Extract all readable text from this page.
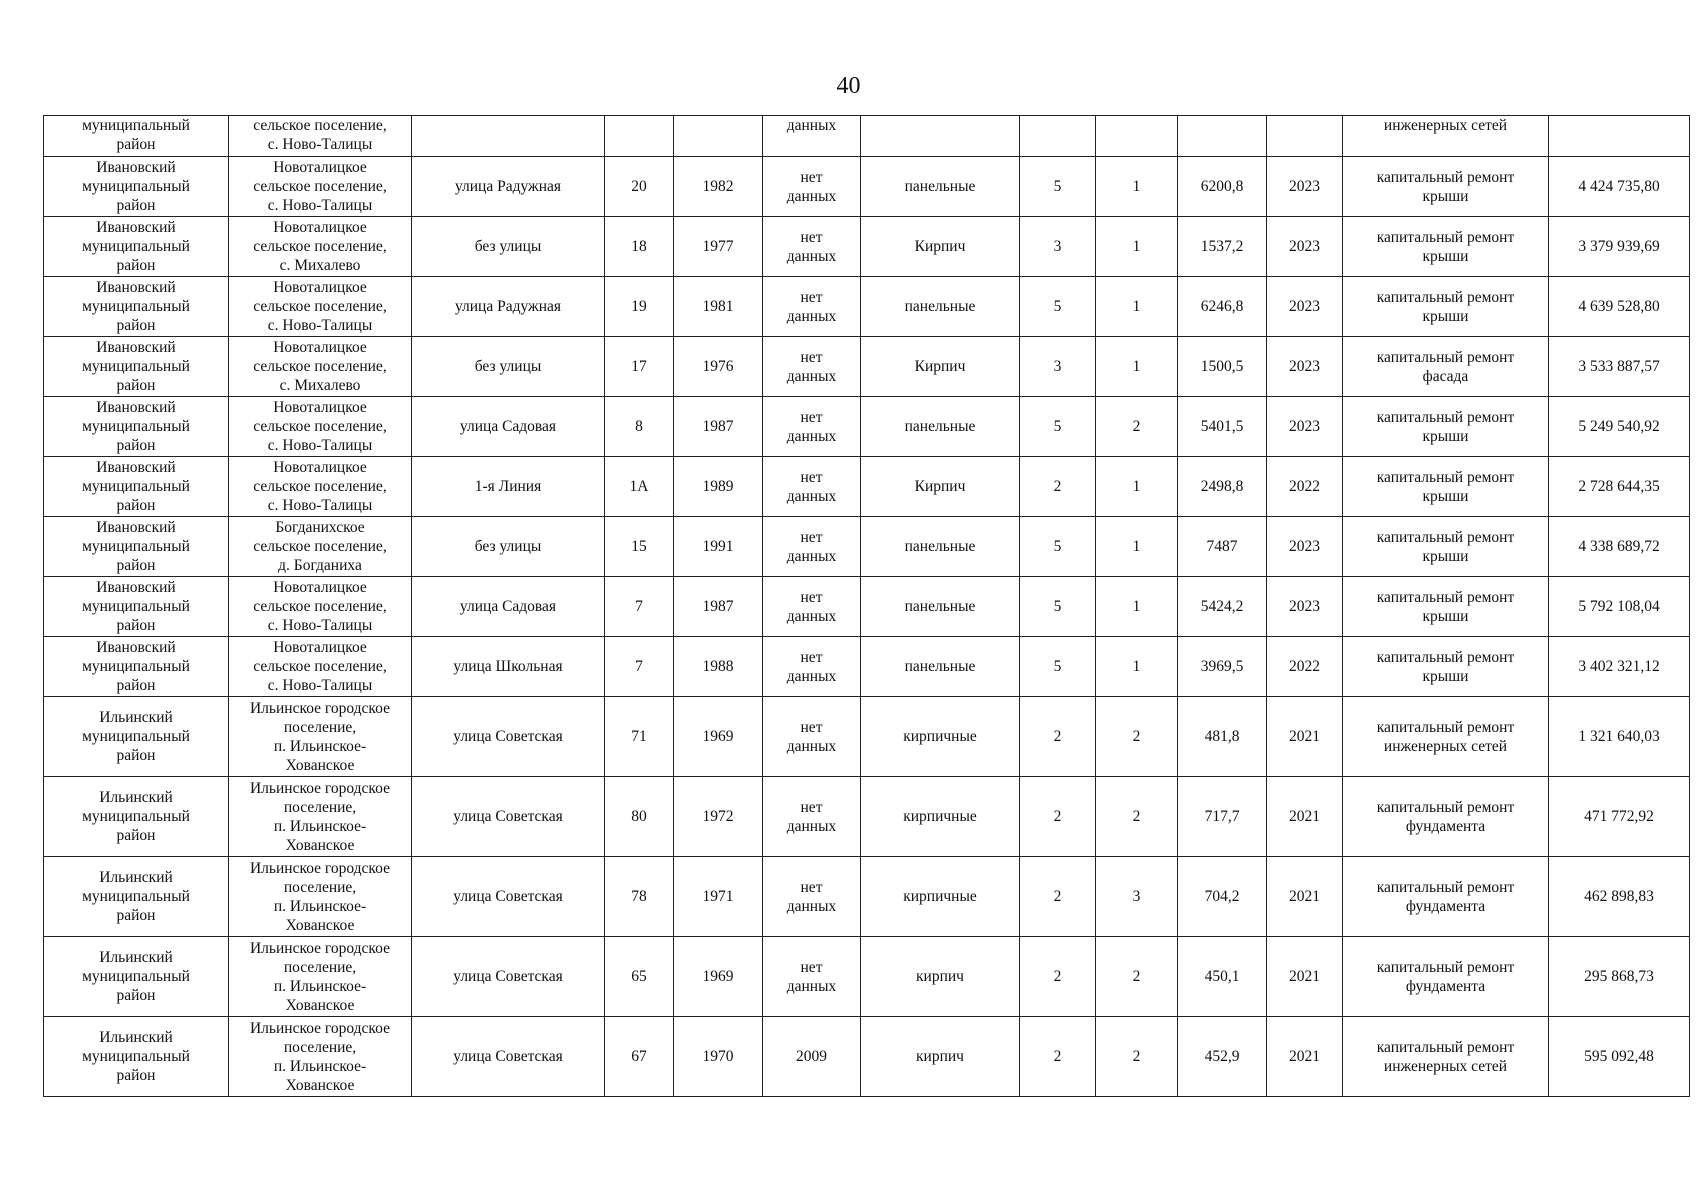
40
муниципальный
район	сельское поселение,
с. Ново-Талицы				данных						инженерных сетей	
Ивановский
муниципальный
район	Новоталицкое
сельское поселение,
с. Ново-Талицы	улица Радужная	20	1982	нет
данных	панельные	5	1	6200,8	2023	капитальный ремонт
крыши	4 424 735,80
Ивановский
муниципальный
район	Новоталицкое
сельское поселение,
с. Михалево	без улицы	18	1977	нет
данных	Кирпич	3	1	1537,2	2023	капитальный ремонт
крыши	3 379 939,69
Ивановский
муниципальный
район	Новоталицкое
сельское поселение,
с. Ново-Талицы	улица Радужная	19	1981	нет
данных	панельные	5	1	6246,8	2023	капитальный ремонт
крыши	4 639 528,80
Ивановский
муниципальный
район	Новоталицкое
сельское поселение,
с. Михалево	без улицы	17	1976	нет
данных	Кирпич	3	1	1500,5	2023	капитальный ремонт
фасада	3 533 887,57
Ивановский
муниципальный
район	Новоталицкое
сельское поселение,
с. Ново-Талицы	улица Садовая	8	1987	нет
данных	панельные	5	2	5401,5	2023	капитальный ремонт
крыши	5 249 540,92
Ивановский
муниципальный
район	Новоталицкое
сельское поселение,
с. Ново-Талицы	1-я Линия	1А	1989	нет
данных	Кирпич	2	1	2498,8	2022	капитальный ремонт
крыши	2 728 644,35
Ивановский
муниципальный
район	Богданихское
сельское поселение,
д. Богданиха	без улицы	15	1991	нет
данных	панельные	5	1	7487	2023	капитальный ремонт
крыши	4 338 689,72
Ивановский
муниципальный
район	Новоталицкое
сельское поселение,
с. Ново-Талицы	улица Садовая	7	1987	нет
данных	панельные	5	1	5424,2	2023	капитальный ремонт
крыши	5 792 108,04
Ивановский
муниципальный
район	Новоталицкое
сельское поселение,
с. Ново-Талицы	улица Школьная	7	1988	нет
данных	панельные	5	1	3969,5	2022	капитальный ремонт
крыши	3 402 321,12
Ильинский
муниципальный
район	Ильинское городское
поселение,
п. Ильинское-
Хованское	улица Советская	71	1969	нет
данных	кирпичные	2	2	481,8	2021	капитальный ремонт
инженерных сетей	1 321 640,03
Ильинский
муниципальный
район	Ильинское городское
поселение,
п. Ильинское-
Хованское	улица Советская	80	1972	нет
данных	кирпичные	2	2	717,7	2021	капитальный ремонт
фундамента	471 772,92
Ильинский
муниципальный
район	Ильинское городское
поселение,
п. Ильинское-
Хованское	улица Советская	78	1971	нет
данных	кирпичные	2	3	704,2	2021	капитальный ремонт
фундамента	462 898,83
Ильинский
муниципальный
район	Ильинское городское
поселение,
п. Ильинское-
Хованское	улица Советская	65	1969	нет
данных	кирпич	2	2	450,1	2021	капитальный ремонт
фундамента	295 868,73
Ильинский
муниципальный
район	Ильинское городское
поселение,
п. Ильинское-
Хованское	улица Советская	67	1970	2009	кирпич	2	2	452,9	2021	капитальный ремонт
инженерных сетей	595 092,48
